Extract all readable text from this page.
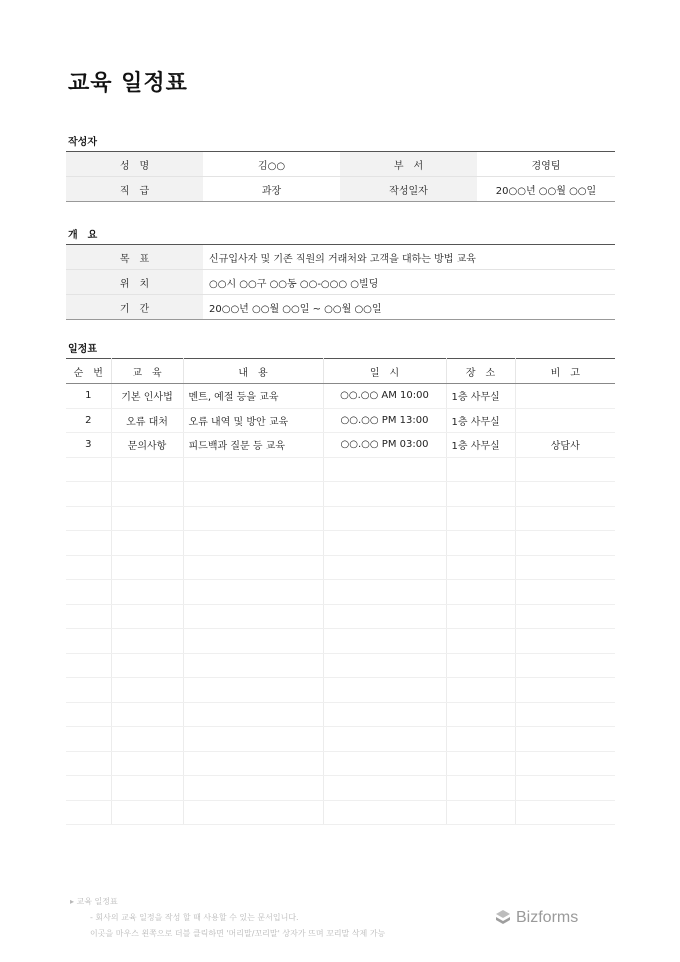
교육 일정표
작성자
성　명	김○○	부　서	경영팀
직　급	과장	작성일자	20○○년 ○○월 ○○일
개　요
목　표	신규입사자 및 기존 직원의 거래처와 고객을 대하는 방법 교육
위　치	○○시 ○○구 ○○동 ○○-○○○ ○빌딩
기　간	20○○년 ○○월 ○○일 ~ ○○월 ○○일
일정표
순　번	교　육	내　용	일　시	장　소	비　고
1	기본 인사법	멘트, 예절 등을 교육	○○.○○ AM 10:00	1층 사무실	
2	오류 대처	오류 내역 및 방안 교육	○○.○○ PM 13:00	1층 사무실	
3	문의사항	피드백과 질문 등 교육	○○.○○ PM 03:00	1층 사무실	상담사

▸ 교육 일정표
- 회사의 교육 일정을 작성 할 때 사용할 수 있는 문서입니다.
이곳을 마우스 왼쪽으로 더블 클릭하면 '머리말/꼬리말' 상자가 뜨며 꼬리말 삭제 가능
Bizforms
